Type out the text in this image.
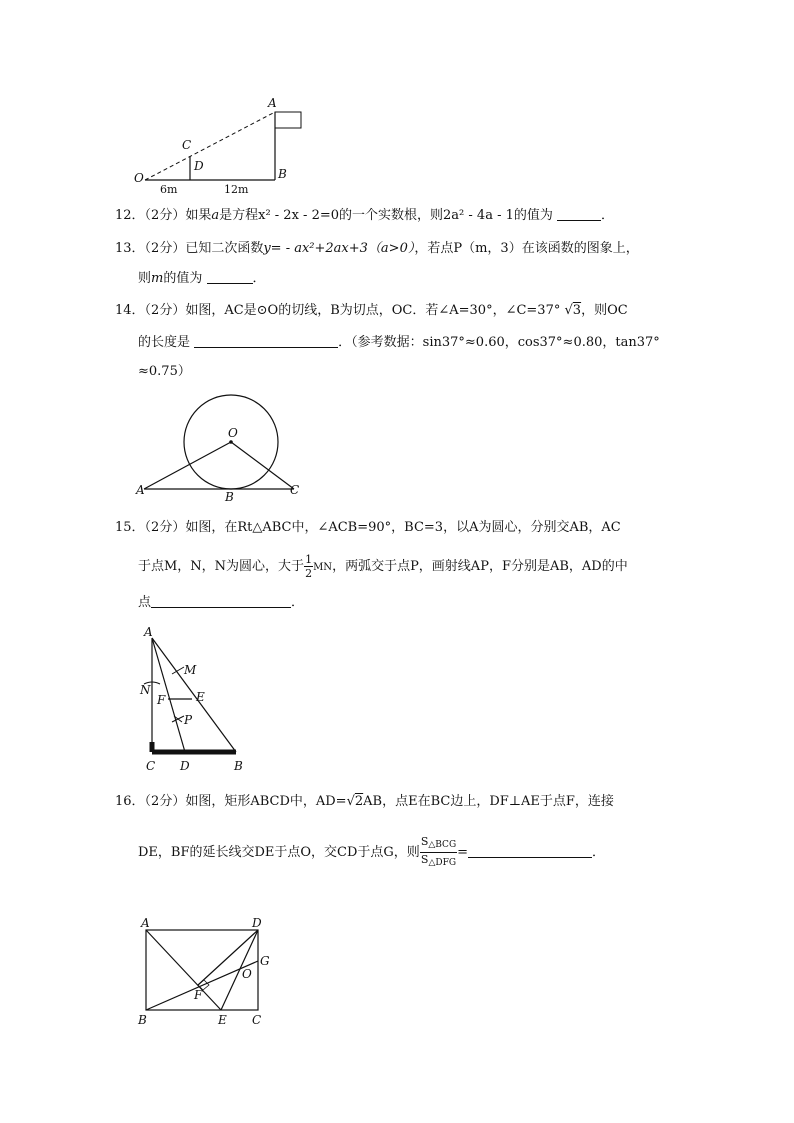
A
C
D
B
O
6m	12m
12．（2分）如果a是方程x² - 2x - 2=0的一个实数根，则2a² - 4a - 1的值为	．
13．（2分）已知二次函数y= - ax²+2ax+3（a>0），若点P（m，3）在该函数的图象上，
则m的值为	．
14．（2分）如图，AC是⊙O的切线，B为切点，OC．若∠A=30°，∠C=37° √3，则OC
的长度是	．（参考数据：sin37°≈0.60，cos37°≈0.80，tan37°
≈0.75）
O
A	B	C
15．（2分）如图，在Rt△ABC中，∠ACB=90°，BC=3，以A为圆心，分别交AB，AC
于点M，N，N为圆心，大于 $\frac{1}{2}$ MN，两弧交于点P，画射线AP，F分别是AB，AD的中
点	．
A
M
N	E
F
P
C D	B
16．（2分）如图，矩形ABCD中，AD=√2AB，点E在BC边上，DF⊥AE于点F，连接
DE，BF的延长线交DE于点O，交CD于点G，则 $\frac{S_{\triangle BCG}}{S_{\triangle DFG}}$ =	．
A	D
G
O
F
B	E C
